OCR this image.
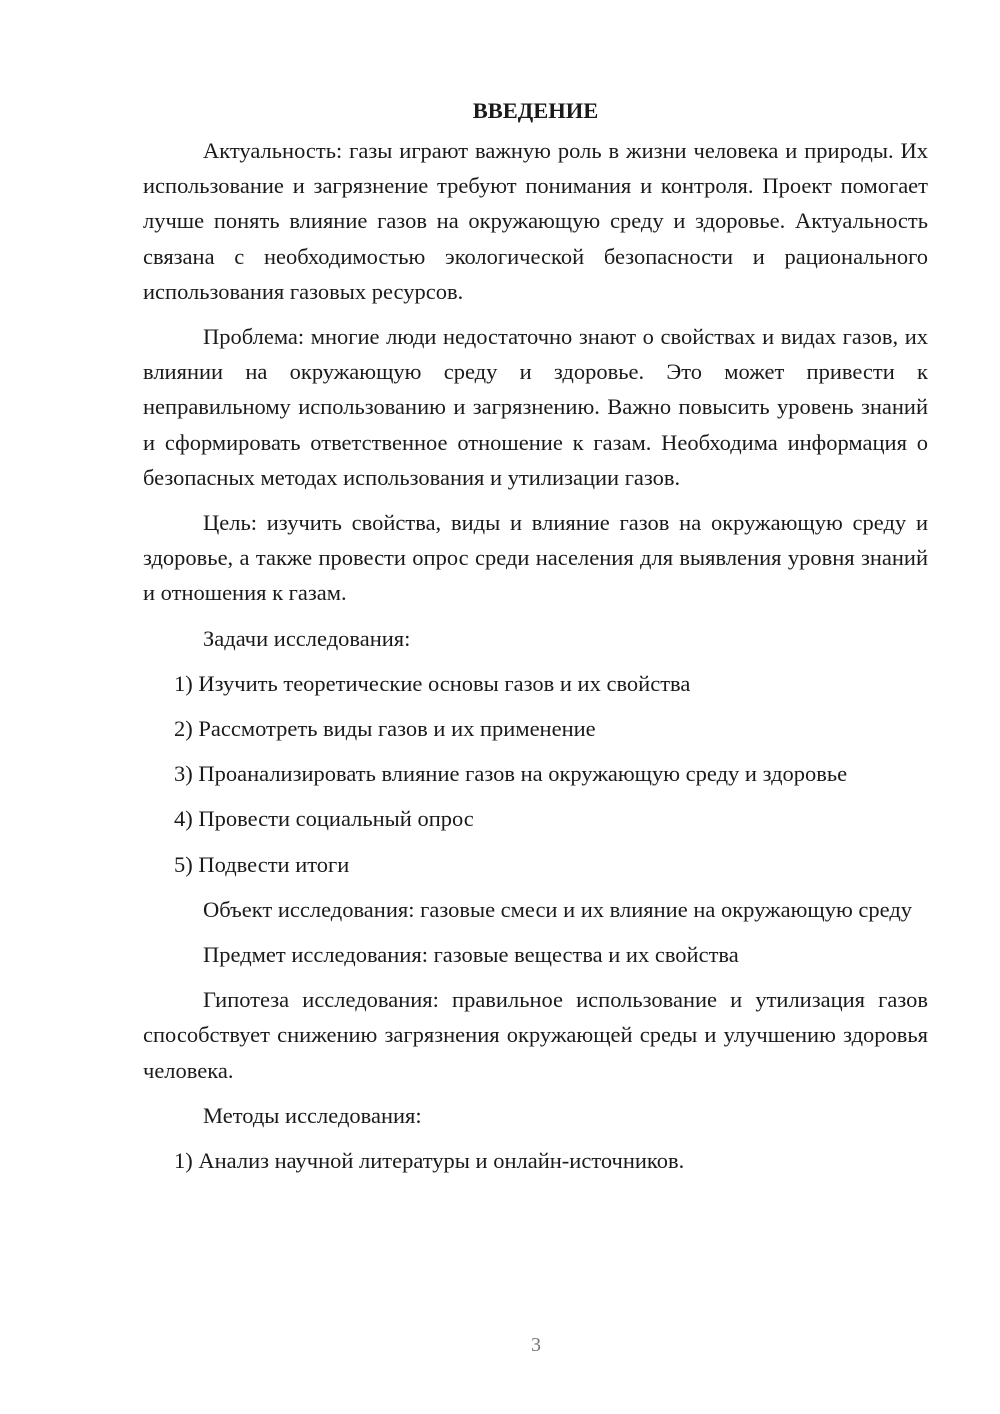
ВВЕДЕНИЕ

Актуальность: газы играют важную роль в жизни человека и природы. Их использование и загрязнение требуют понимания и контроля. Проект помогает лучше понять влияние газов на окружающую среду и здоровье. Актуальность связана с необходимостью экологической безопасности и рационального использования газовых ресурсов.

Проблема: многие люди недостаточно знают о свойствах и видах газов, их влиянии на окружающую среду и здоровье. Это может привести к неправильному использованию и загрязнению. Важно повысить уровень знаний и сформировать ответственное отношение к газам. Необходима информация о безопасных методах использования и утилизации газов.

Цель: изучить свойства, виды и влияние газов на окружающую среду и здоровье, а также провести опрос среди населения для выявления уровня знаний и отношения к газам.

Задачи исследования:

1) Изучить теоретические основы газов и их свойства
2) Рассмотреть виды газов и их применение
3) Проанализировать влияние газов на окружающую среду и здоровье
4) Провести социальный опрос
5) Подвести итоги

Объект исследования: газовые смеси и их влияние на окружающую среду

Предмет исследования: газовые вещества и их свойства

Гипотеза исследования: правильное использование и утилизация газов способствует снижению загрязнения окружающей среды и улучшению здоровья человека.

Методы исследования:

1) Анализ научной литературы и онлайн-источников.
3
